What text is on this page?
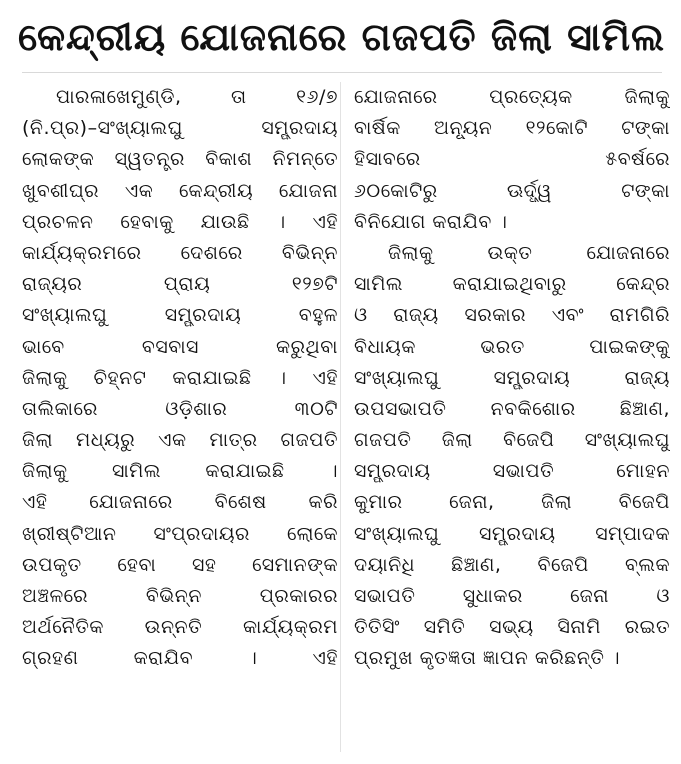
କେନ୍ଦ୍ରୀୟ ଯୋଜନାରେ ଗଜପତି ଜିଲା ସାମିଲ
ପାରଳାଖେମୁଣ୍ଡି, ତା ୧୬/୭
(ନି.ପ୍ର)–ସଂଖ୍ୟାଲଘୁ ସମ୍ପ୍ରଦାୟ
ଲୋକଙ୍କ ସ୍ୱତନ୍ତ୍ର ବିକାଶ ନିମନ୍ତେ
ଖୁବଶୀଘ୍ର ଏକ କେନ୍ଦ୍ରୀୟ ଯୋଜନା
ପ୍ରଚଳନ ହେବାକୁ ଯାଉଛି । ଏହି
କାର୍ଯ୍ୟକ୍ରମରେ ଦେଶରେ ବିଭିନ୍ନ
ରାଜ୍ୟର ପ୍ରାୟ ୧୨୭ଟି
ସଂଖ୍ୟାଲଘୁ ସମ୍ପ୍ରଦାୟ ବହୁଳ
ଭାବେ ବସବାସ କରୁଥିବା
ଜିଲାକୁ ଚିହ୍ନଟ କରାଯାଇଛି । ଏହି
ତାଲିକାରେ ଓଡ଼ିଶାର ୩୦ଟି
ଜିଲା ମଧ୍ୟରୁ ଏକ ମାତ୍ର ଗଜପତି
ଜିଲାକୁ ସାମିଲ କରାଯାଇଛି ।
ଏହି ଯୋଜନାରେ ବିଶେଷ କରି
ଖ୍ରୀଷ୍ଟିଆନ ସଂପ୍ରଦାୟର ଲୋକେ
ଉପକୃତ ହେବା ସହ ସେମାନଙ୍କ
ଅଞ୍ଚଳରେ ବିଭିନ୍ନ ପ୍ରକାରର
ଅର୍ଥନୈତିକ ଉନ୍ନତି କାର୍ଯ୍ୟକ୍ରମ
ଗ୍ରହଣ କରାଯିବ । ଏହି
ଯୋଜନାରେ ପ୍ରତ୍ୟେକ ଜିଲାକୁ
ବାର୍ଷିକ ଅନ୍ୟୂନ ୧୨କୋଟି ଟଙ୍କା
ହିସାବରେ ୫ବର୍ଷରେ
୬୦କୋଟିରୁ ଊର୍ଦ୍ଧ୍ୱ ଟଙ୍କା
ବିନିଯୋଗ କରାଯିବ ।
ଜିଲାକୁ ଉକ୍ତ ଯୋଜନାରେ
ସାମିଲ କରାଯାଇଥିବାରୁ କେନ୍ଦ୍ର
ଓ ରାଜ୍ୟ ସରକାର ଏବଂ ରାମଗିରି
ବିଧାୟକ ଭରତ ପାଇକଙ୍କୁ
ସଂଖ୍ୟାଲଘୁ ସମ୍ପ୍ରଦାୟ ରାଜ୍ୟ
ଉପସଭାପତି ନବକିଶୋର ଛିଞ୍ଚାଣ,
ଗଜପତି ଜିଲା ବିଜେପି ସଂଖ୍ୟାଲଘୁ
ସମ୍ପ୍ରଦାୟ ସଭାପତି ମୋହନ
କୁମାର ଜେନା, ଜିଲା ବିଜେପି
ସଂଖ୍ୟାଲଘୁ ସମ୍ପ୍ରଦାୟ ସମ୍ପାଦକ
ଦୟାନିଧି ଛିଞ୍ଚାଣ, ବିଜେପି ବ୍ଲକ
ସଭାପତି ସୁଧାକର ଜେନା ଓ
ତିତିସିଂ ସମିତି ସଭ୍ୟ ସିନାମି ରଇତ
ପ୍ରମୁଖ କୃତଜ୍ଞତା ଜ୍ଞାପନ କରିଛନ୍ତି ।
